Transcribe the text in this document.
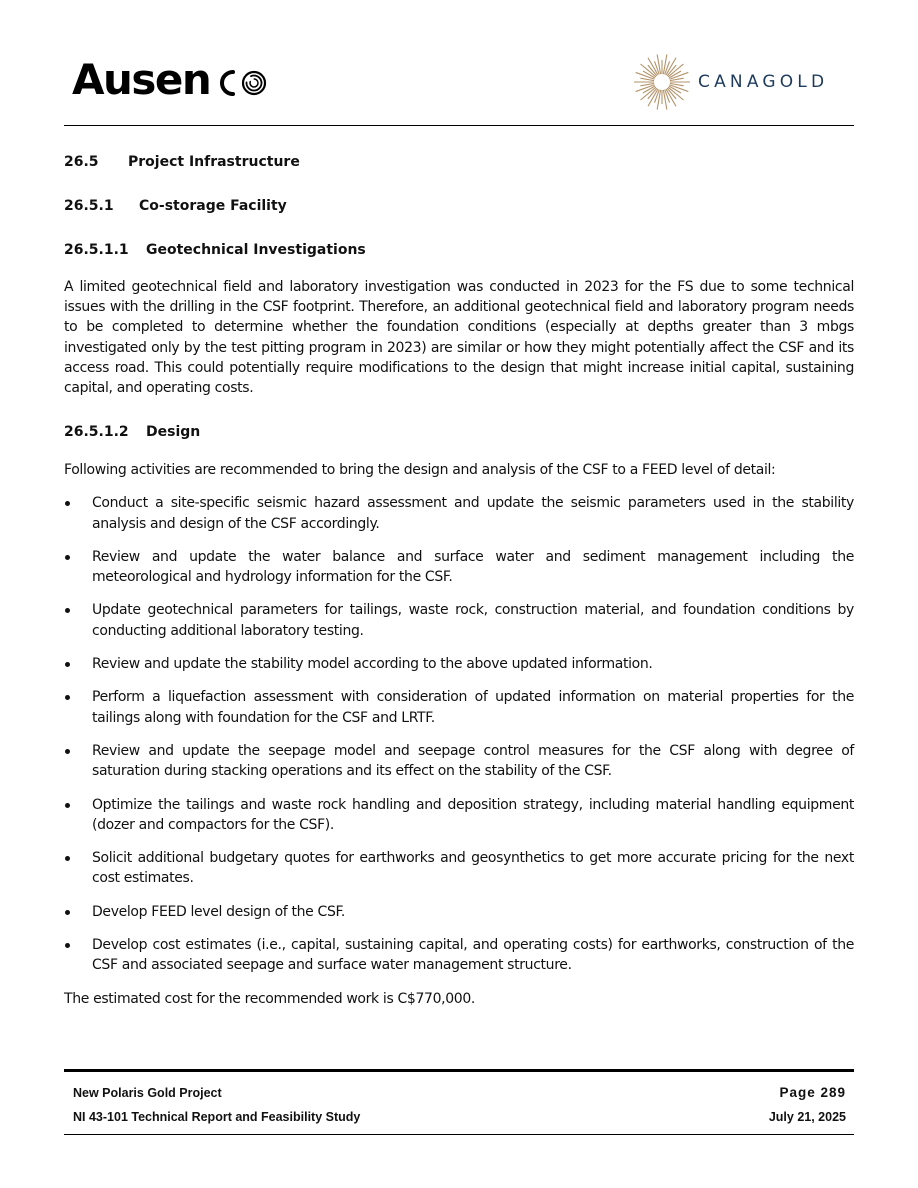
Ausen	CANAGOLD
26.5 Project Infrastructure
26.5.1 Co-storage Facility
26.5.1.1 Geotechnical Investigations

A limited geotechnical field and laboratory investigation was conducted in 2023 for the FS due to some technical issues with the drilling in the CSF footprint. Therefore, an additional geotechnical field and laboratory program needs to be completed to determine whether the foundation conditions (especially at depths greater than 3 mbgs investigated only by the test pitting program in 2023) are similar or how they might potentially affect the CSF and its access road. This could potentially require modifications to the design that might increase initial capital, sustaining capital, and operating costs.

26.5.1.2 Design

Following activities are recommended to bring the design and analysis of the CSF to a FEED level of detail:

Conduct a site-specific seismic hazard assessment and update the seismic parameters used in the stability analysis and design of the CSF accordingly.
Review and update the water balance and surface water and sediment management including the meteorological and hydrology information for the CSF.
Update geotechnical parameters for tailings, waste rock, construction material, and foundation conditions by conducting additional laboratory testing.
Review and update the stability model according to the above updated information.
Perform a liquefaction assessment with consideration of updated information on material properties for the tailings along with foundation for the CSF and LRTF.
Review and update the seepage model and seepage control measures for the CSF along with degree of saturation during stacking operations and its effect on the stability of the CSF.
Optimize the tailings and waste rock handling and deposition strategy, including material handling equipment (dozer and compactors for the CSF).
Solicit additional budgetary quotes for earthworks and geosynthetics to get more accurate pricing for the next cost estimates.
Develop FEED level design of the CSF.
Develop cost estimates (i.e., capital, sustaining capital, and operating costs) for earthworks, construction of the CSF and associated seepage and surface water management structure.

The estimated cost for the recommended work is C$770,000.

New Polaris Gold Project
NI 43-101 Technical Report and Feasibility Study
Page 289
July 21, 2025
